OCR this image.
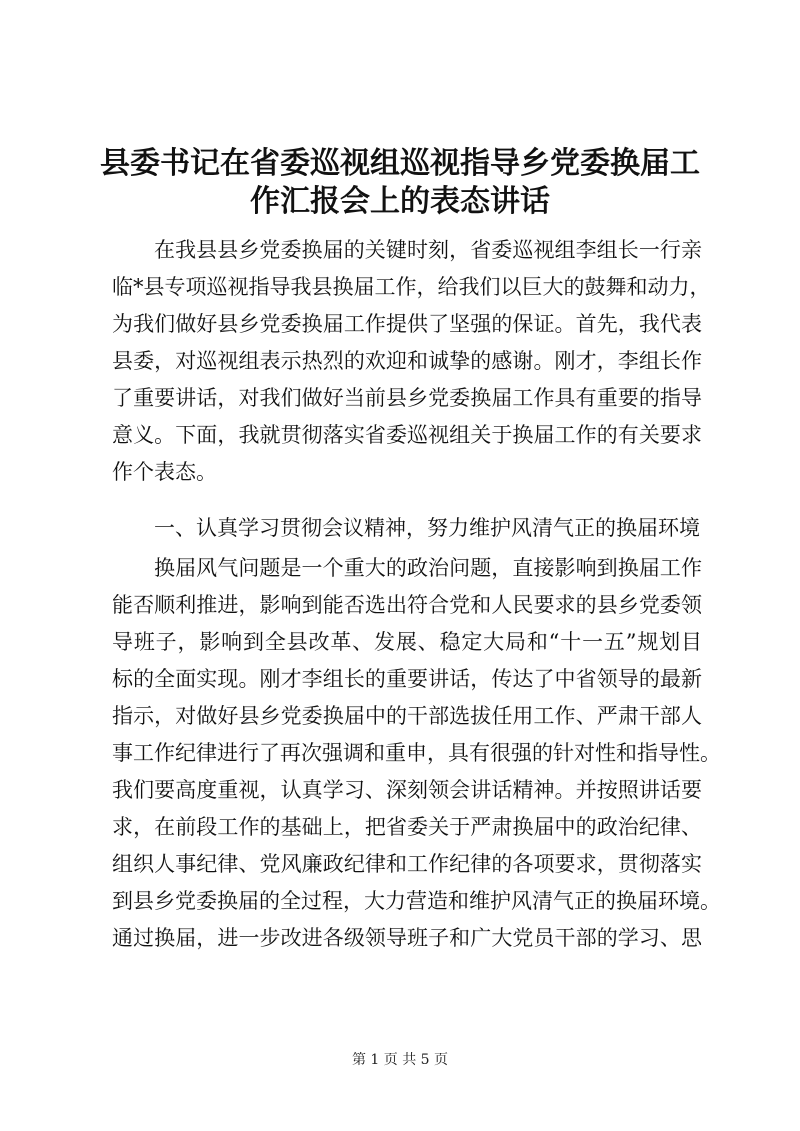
县委书记在省委巡视组巡视指导乡党委换届工
作汇报会上的表态讲话
在我县县乡党委换届的关键时刻，省委巡视组李组长一行亲
临*县专项巡视指导我县换届工作，给我们以巨大的鼓舞和动力，
为我们做好县乡党委换届工作提供了坚强的保证。首先，我代表
县委，对巡视组表示热烈的欢迎和诚挚的感谢。刚才，李组长作
了重要讲话，对我们做好当前县乡党委换届工作具有重要的指导
意义。下面，我就贯彻落实省委巡视组关于换届工作的有关要求
作个表态。
一、认真学习贯彻会议精神，努力维护风清气正的换届环境
换届风气问题是一个重大的政治问题，直接影响到换届工作
能否顺利推进，影响到能否选出符合党和人民要求的县乡党委领
导班子，影响到全县改革、发展、稳定大局和“十一五”规划目
标的全面实现。刚才李组长的重要讲话，传达了中省领导的最新
指示，对做好县乡党委换届中的干部选拔任用工作、严肃干部人
事工作纪律进行了再次强调和重申，具有很强的针对性和指导性。
我们要高度重视，认真学习、深刻领会讲话精神。并按照讲话要
求，在前段工作的基础上，把省委关于严肃换届中的政治纪律、
组织人事纪律、党风廉政纪律和工作纪律的各项要求，贯彻落实
到县乡党委换届的全过程，大力营造和维护风清气正的换届环境。
通过换届，进一步改进各级领导班子和广大党员干部的学习、思
第 1 页 共 5 页
